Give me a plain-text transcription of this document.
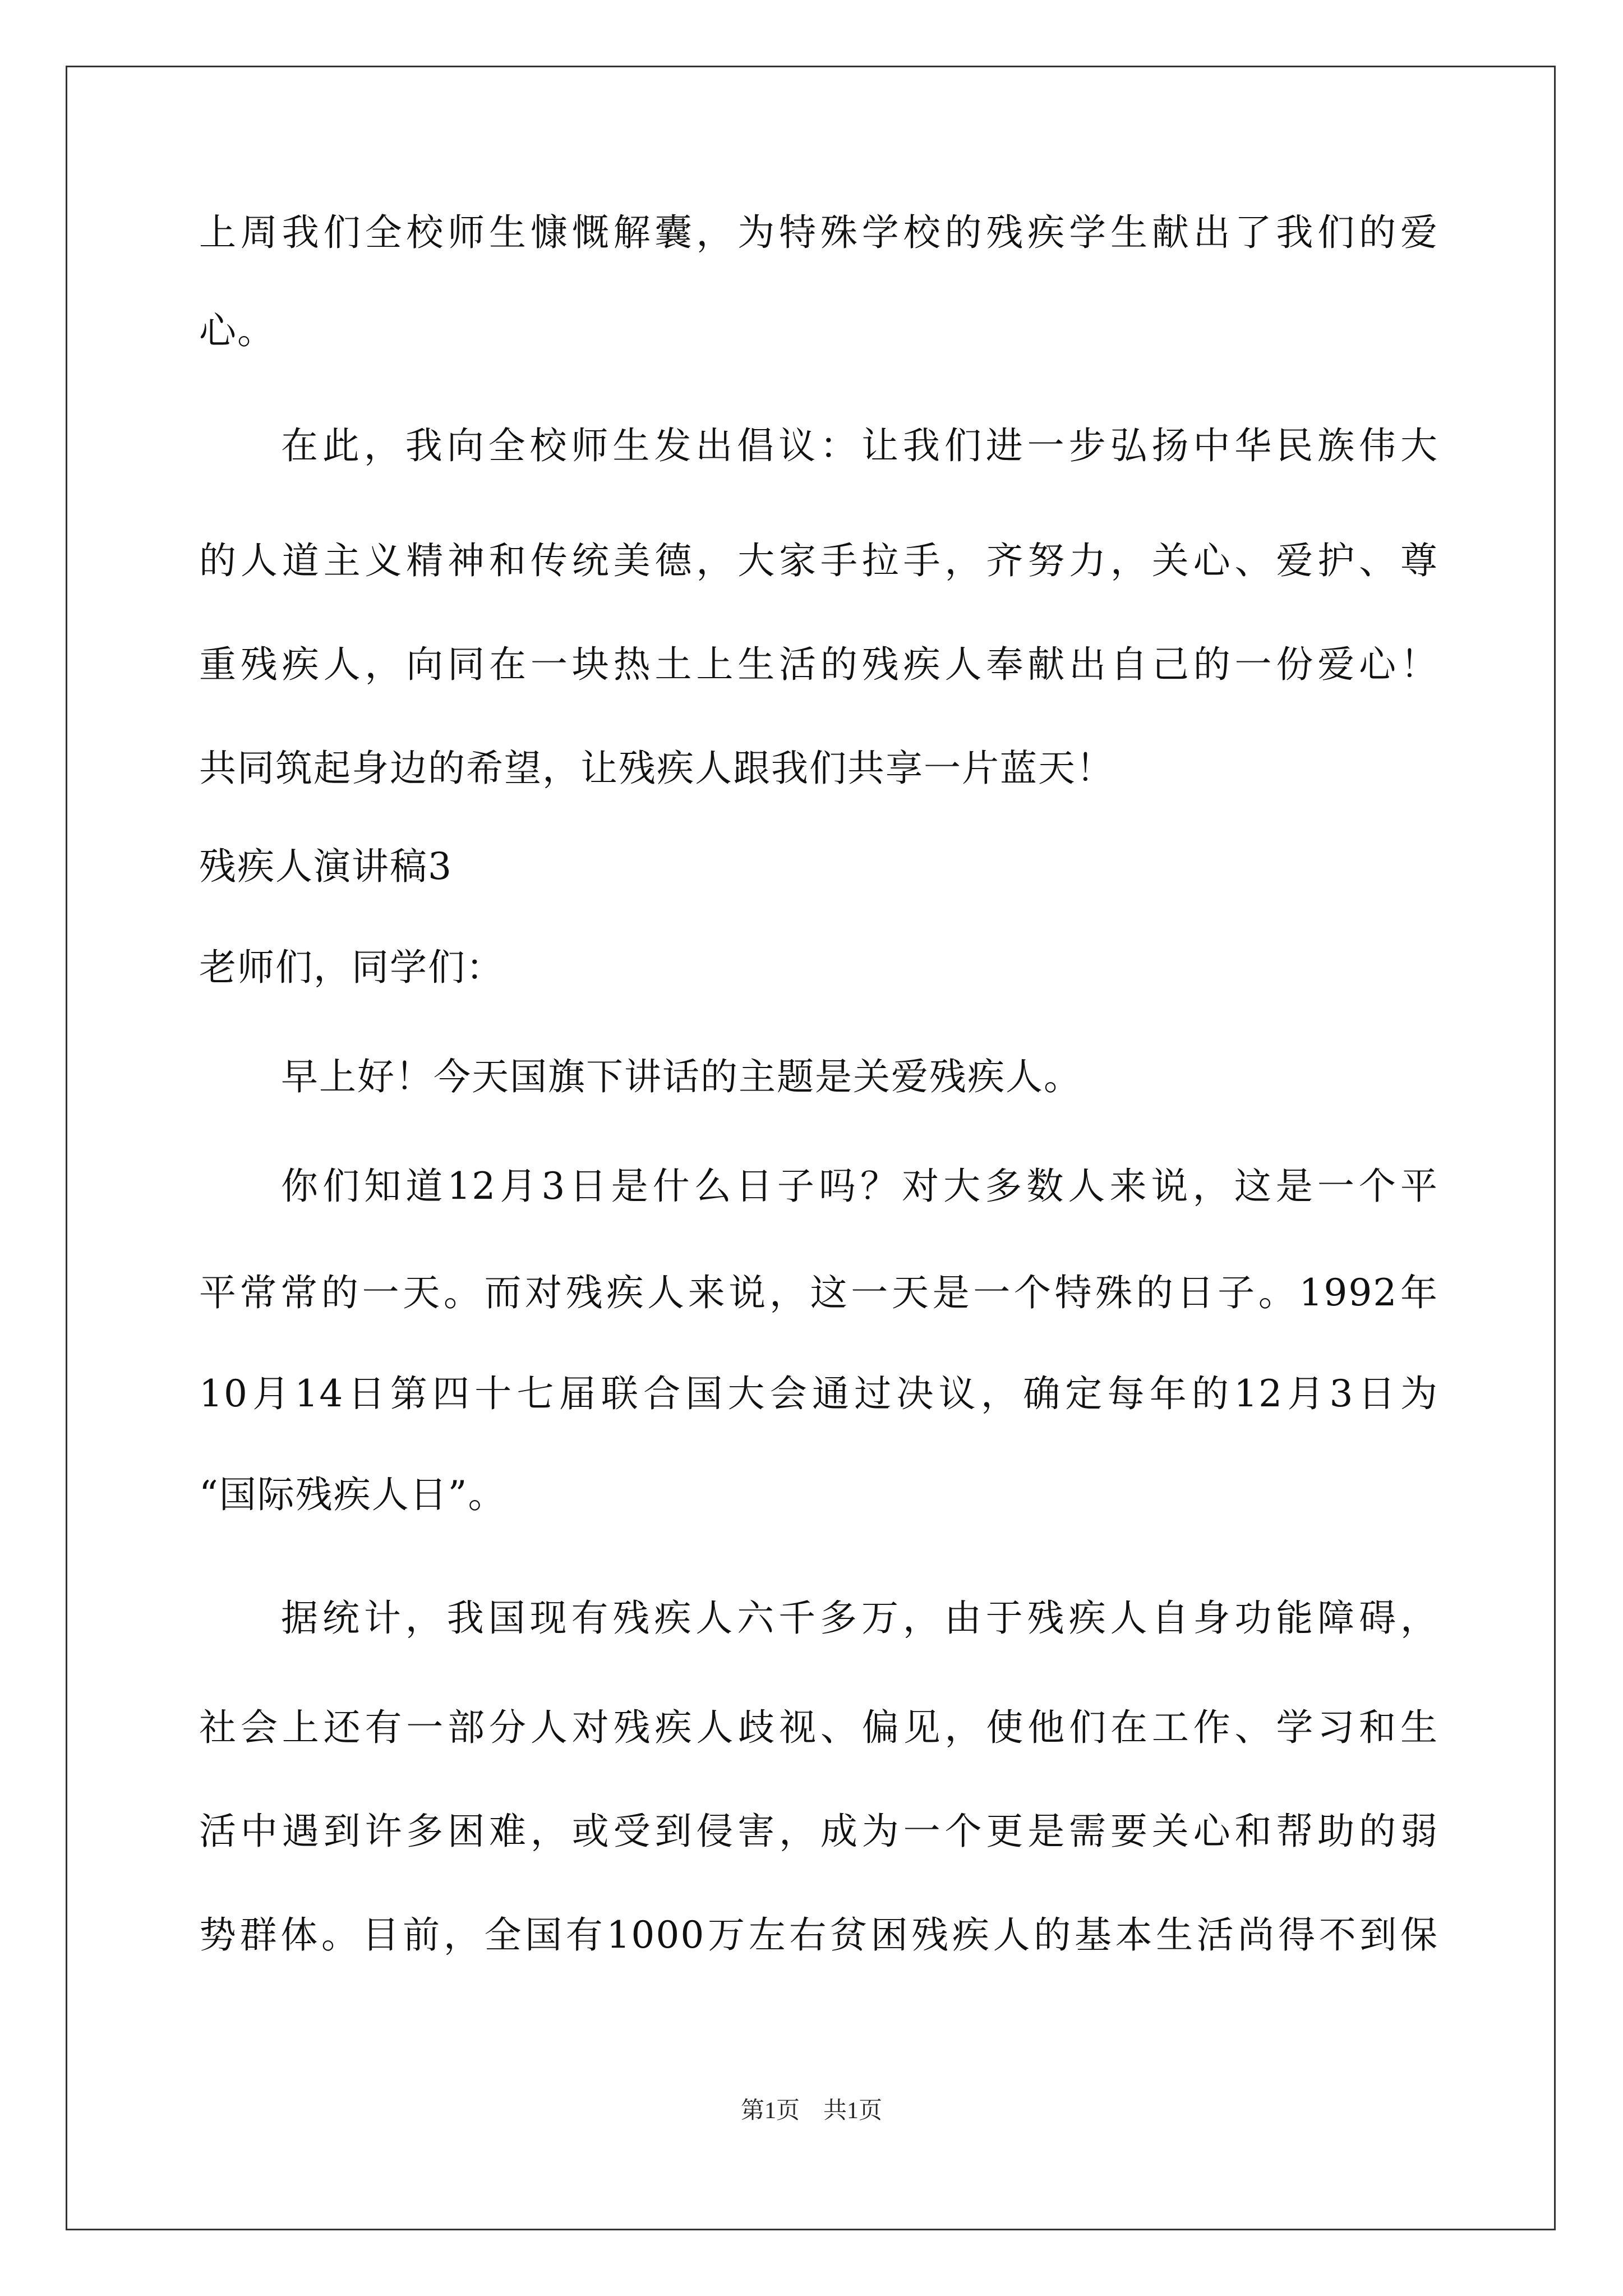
上周我们全校师生慷慨解囊，为特殊学校的残疾学生献出了我们的爱
心。
在此，我向全校师生发出倡议：让我们进一步弘扬中华民族伟大
的人道主义精神和传统美德，大家手拉手，齐努力，关心、爱护、尊
重残疾人，向同在一块热土上生活的残疾人奉献出自己的一份爱心！
共同筑起身边的希望，让残疾人跟我们共享一片蓝天！
残疾人演讲稿3
老师们，同学们：
早上好！今天国旗下讲话的主题是关爱残疾人。
你们知道12月3日是什么日子吗？对大多数人来说，这是一个平
平常常的一天。而对残疾人来说，这一天是一个特殊的日子。1992年
10月14日第四十七届联合国大会通过决议，确定每年的12月3日为
“国际残疾人日”。
据统计，我国现有残疾人六千多万，由于残疾人自身功能障碍，
社会上还有一部分人对残疾人歧视、偏见，使他们在工作、学习和生
活中遇到许多困难，或受到侵害，成为一个更是需要关心和帮助的弱
势群体。目前，全国有1000万左右贫困残疾人的基本生活尚得不到保
第1页　共1页
